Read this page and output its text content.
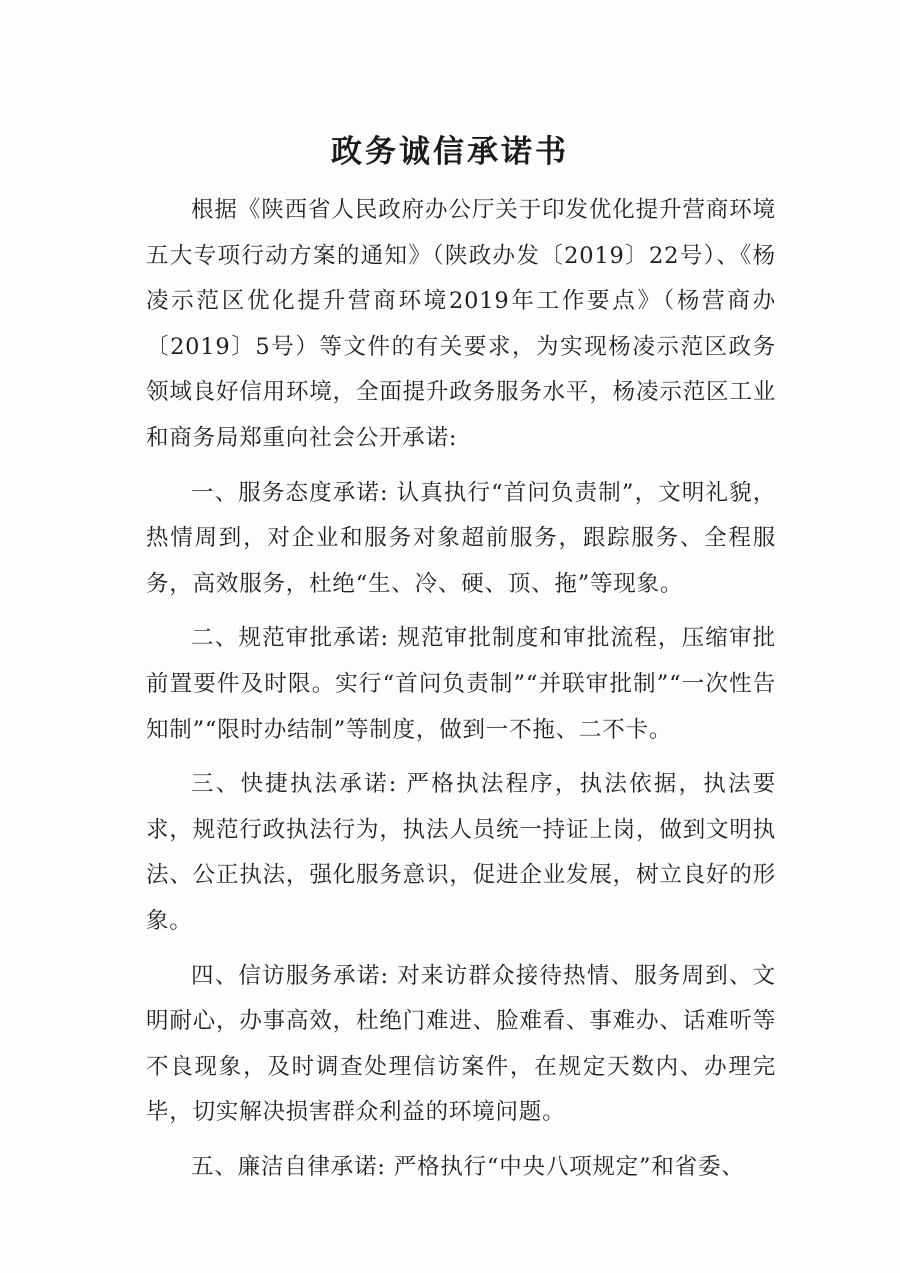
政务诚信承诺书

根据《陕西省人民政府办公厅关于印发优化提升营商环境五大专项行动方案的通知》（陕政办发〔2019〕22号）、《杨凌示范区优化提升营商环境2019年工作要点》（杨营商办〔2019〕5号）等文件的有关要求，为实现杨凌示范区政务领域良好信用环境，全面提升政务服务水平，杨凌示范区工业和商务局郑重向社会公开承诺:

一、服务态度承诺: 认真执行“首问负责制”，文明礼貌，热情周到，对企业和服务对象超前服务，跟踪服务、全程服务，高效服务，杜绝“生、冷、硬、顶、拖”等现象。

二、规范审批承诺: 规范审批制度和审批流程，压缩审批前置要件及时限。实行“首问负责制”“并联审批制”“一次性告知制”“限时办结制”等制度，做到一不拖、二不卡。

三、快捷执法承诺: 严格执法程序，执法依据，执法要求，规范行政执法行为，执法人员统一持证上岗，做到文明执法、公正执法，强化服务意识，促进企业发展，树立良好的形象。

四、信访服务承诺: 对来访群众接待热情、服务周到、文明耐心，办事高效，杜绝门难进、脸难看、事难办、话难听等不良现象，及时调查处理信访案件，在规定天数内、办理完毕，切实解决损害群众利益的环境问题。

五、廉洁自律承诺: 严格执行“中央八项规定”和省委、
